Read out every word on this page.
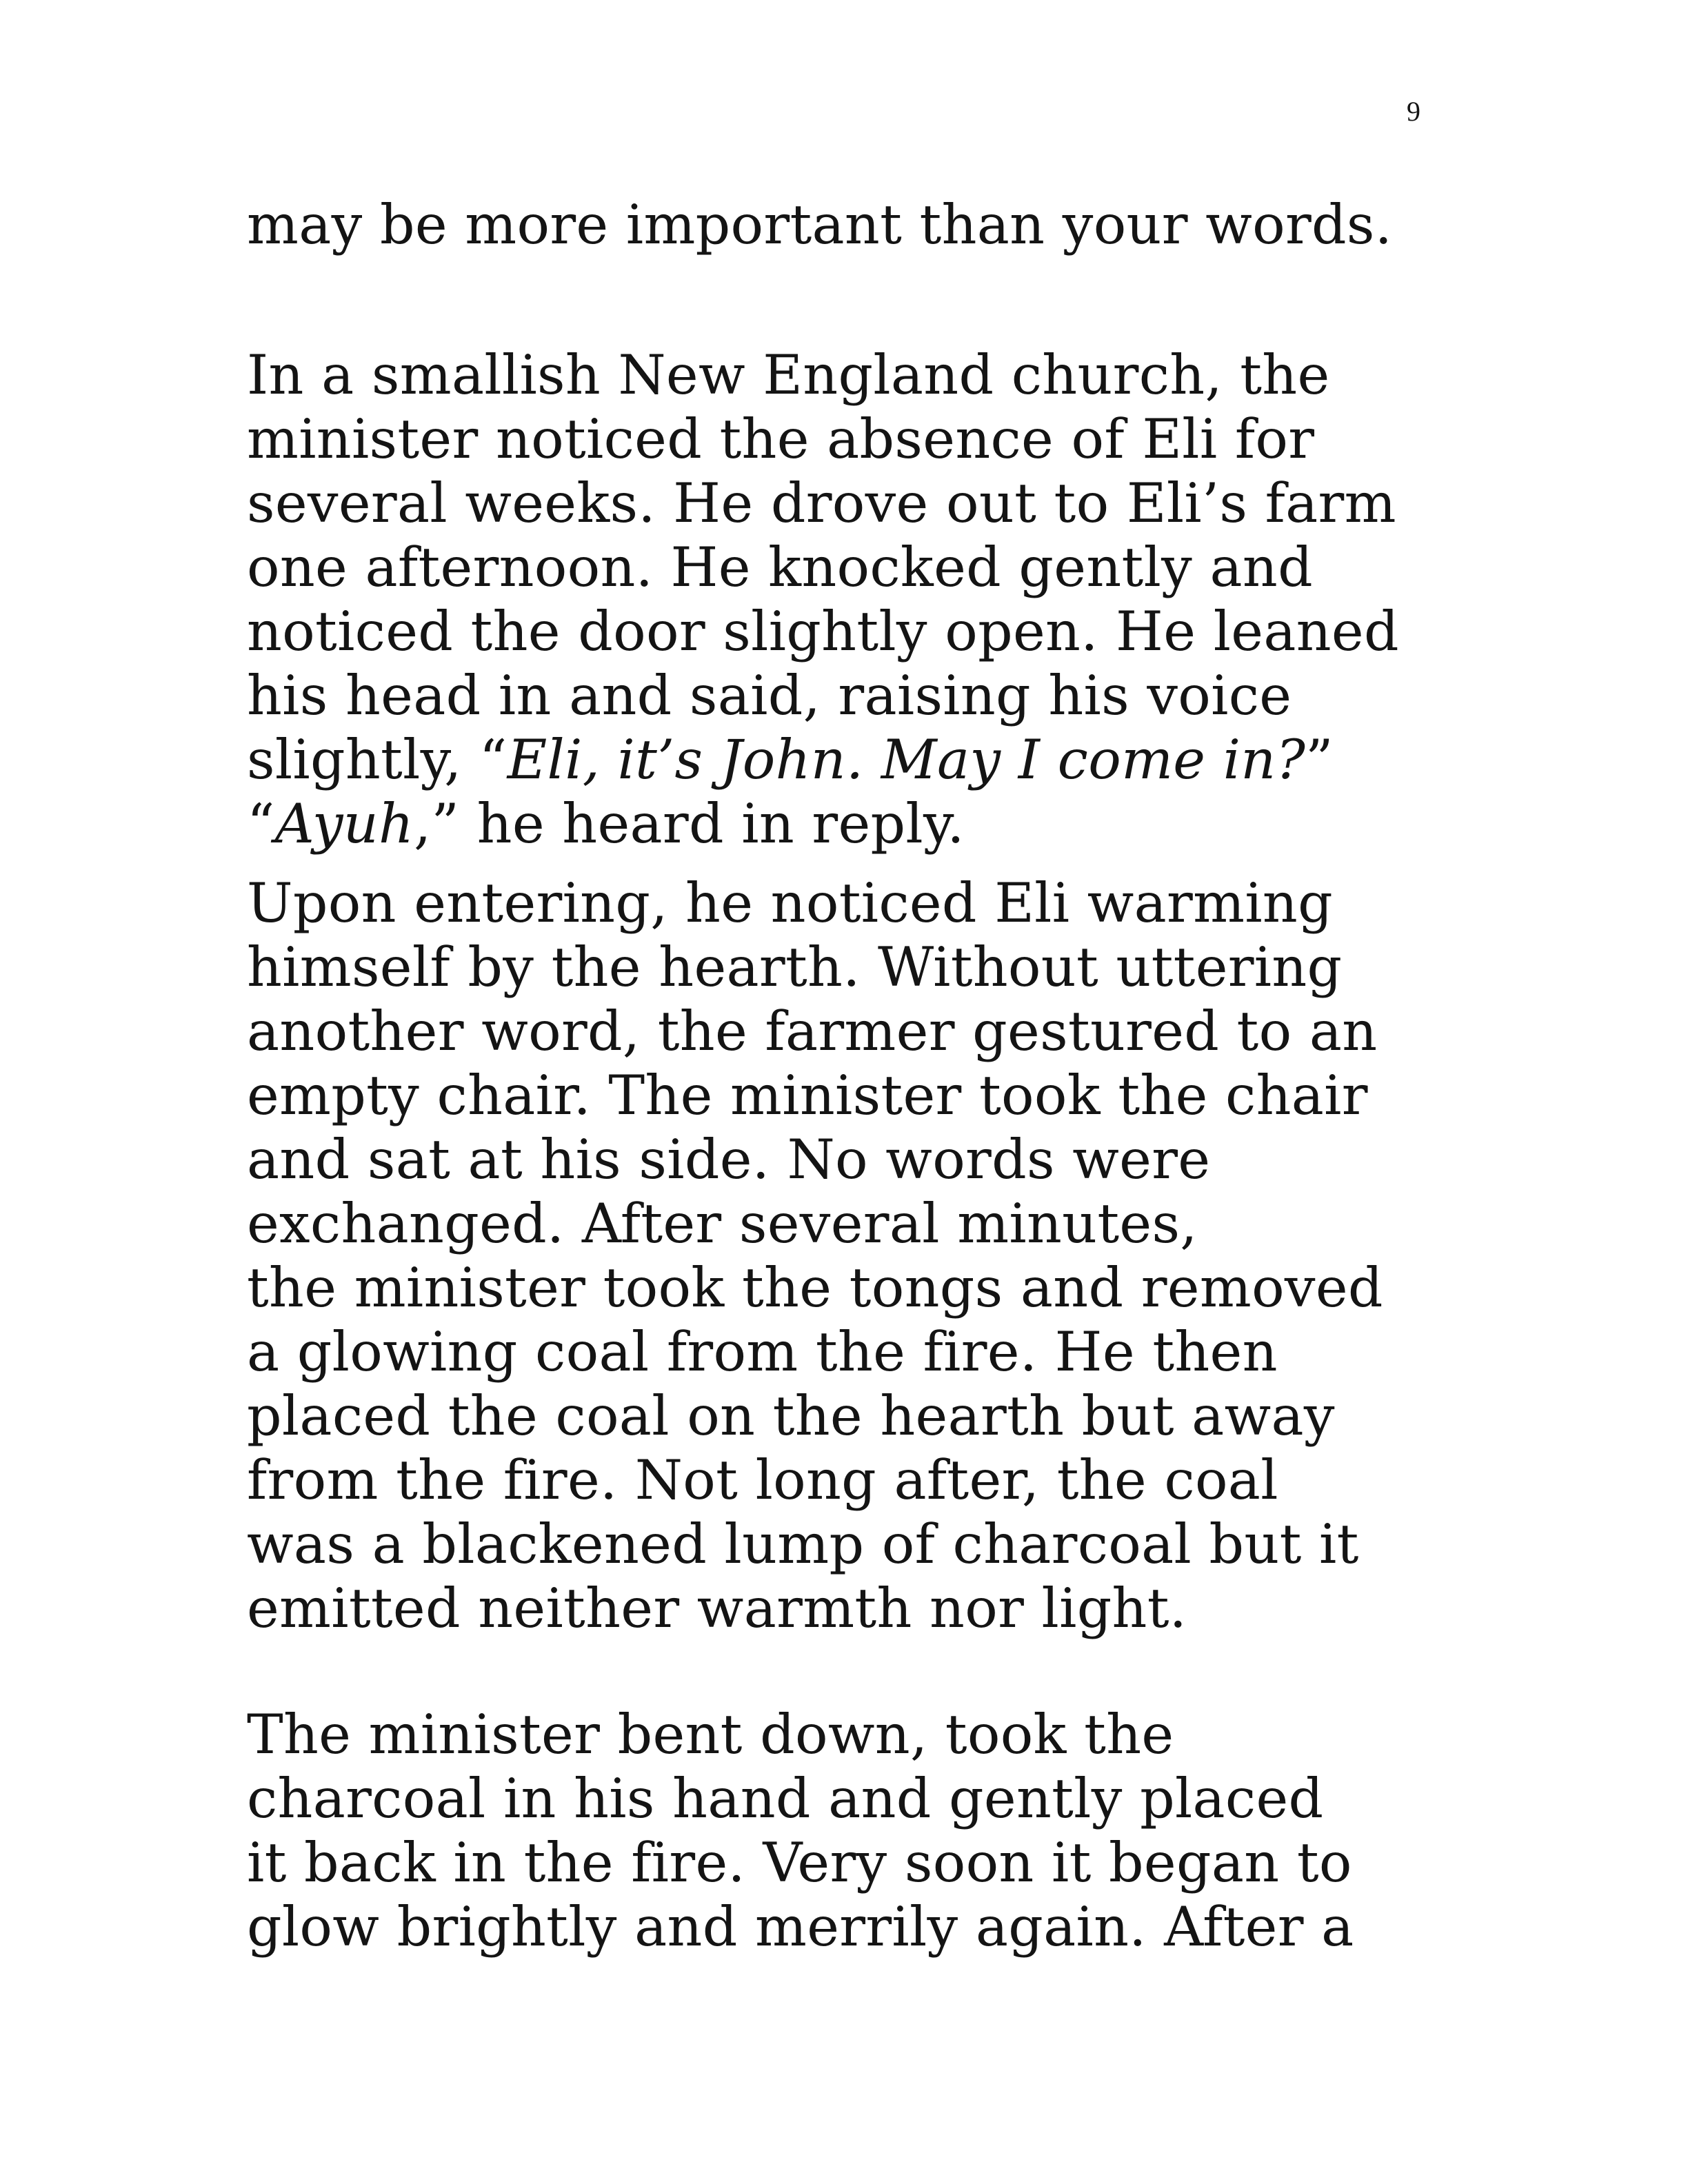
9
may be more important than your words.
In a smallish New England church, the
minister noticed the absence of Eli for
several weeks. He drove out to Eli’s farm
one afternoon. He knocked gently and
noticed the door slightly open. He leaned
his head in and said, raising his voice
slightly, “Eli, it’s John. May I come in?”
“Ayuh,” he heard in reply.
Upon entering, he noticed Eli warming
himself by the hearth. Without uttering
another word, the farmer gestured to an
empty chair. The minister took the chair
and sat at his side. No words were
exchanged. After several minutes,
the minister took the tongs and removed
a glowing coal from the fire. He then
placed the coal on the hearth but away
from the fire. Not long after, the coal
was a blackened lump of charcoal but it
emitted neither warmth nor light.
The minister bent down, took the
charcoal in his hand and gently placed
it back in the fire. Very soon it began to
glow brightly and merrily again. After a
